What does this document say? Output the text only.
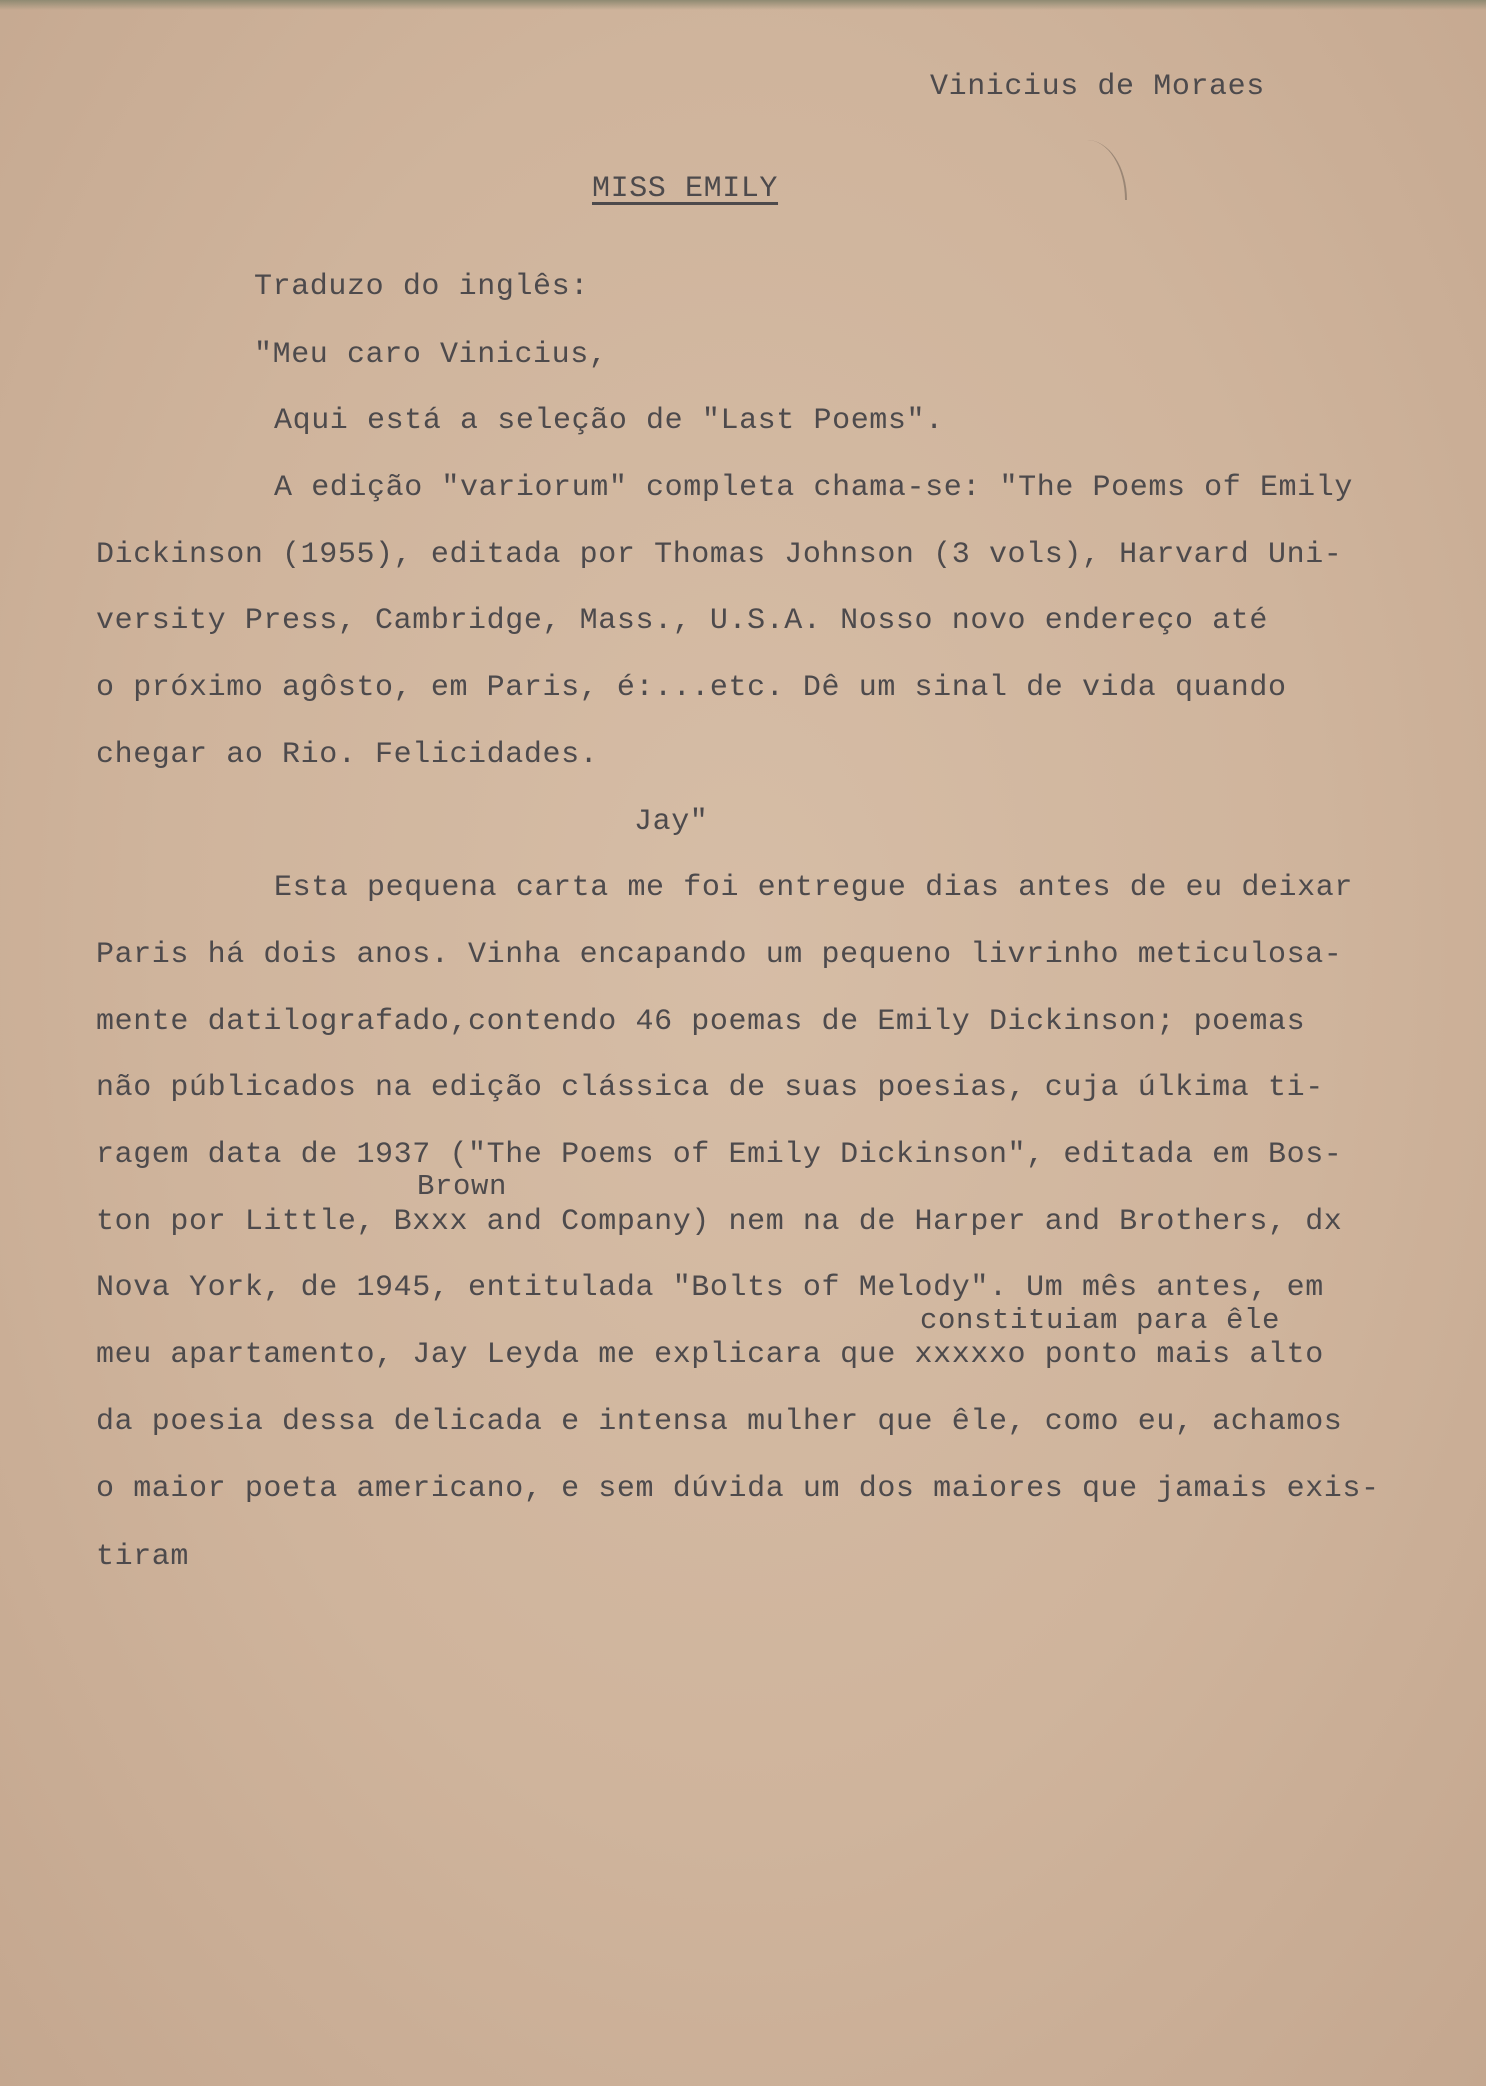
Vinicius de Moraes
MISS EMILY
Traduzo do inglês:
"Meu caro Vinicius,
Aqui está a seleção de "Last Poems".
A edição "variorum" completa chama-se: "The Poems of Emily
Dickinson (1955), editada por Thomas Johnson (3 vols), Harvard Uni-
versity Press, Cambridge, Mass., U.S.A. Nosso novo endereço até
o próximo agôsto, em Paris, é:...etc. Dê um sinal de vida quando
chegar ao Rio. Felicidades.
Jay"
Esta pequena carta me foi entregue dias antes de eu deixar
Paris há dois anos. Vinha encapando um pequeno livrinho meticulosa-
mente datilografado,contendo 46 poemas de Emily Dickinson; poemas
não públicados na edição clássica de suas poesias, cuja úlkima ti-
ragem data de 1937 ("The Poems of Emily Dickinson", editada em Bos-
Brown
ton por Little, Bxxx and Company) nem na de Harper and Brothers, dx
Nova York, de 1945, entitulada "Bolts of Melody". Um mês antes, em
constituiam para êle
meu apartamento, Jay Leyda me explicara que xxxxxo ponto mais alto
da poesia dessa delicada e intensa mulher que êle, como eu, achamos
o maior poeta americano, e sem dúvida um dos maiores que jamais exis-
tiram
